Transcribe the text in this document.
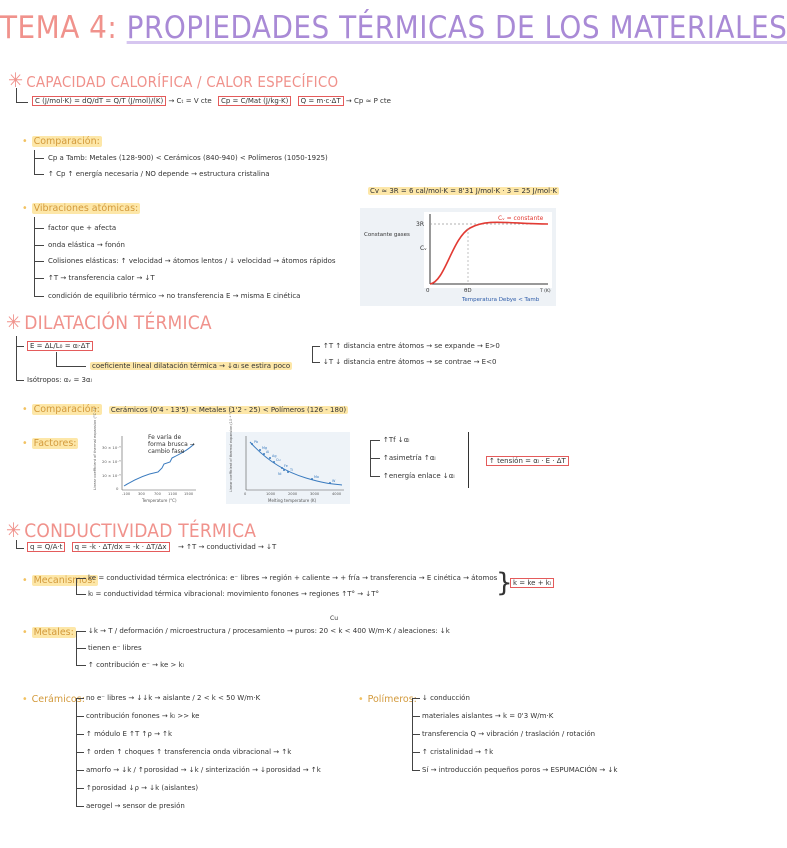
TEMA 4: PROPIEDADES TÉRMICAS DE LOS MATERIALES
✳ CAPACIDAD CALORÍFICA / CALOR ESPECÍFICO
C (J/mol·K) = dQ/dT = Q/T (J/mol)/(K) → Cₜ = V cte Cp = C/Mat (J/kg·K) Q = m·c·ΔT → Cp ≈ P cte
• Comparación:
Cp a Tamb: Metales (128-900) < Cerámicos (840-940) < Polímeros (1050-1925)
↑ Cp ↑ energía necesaria / NO depende → estructura cristalina
Cv ≈ 3R = 6 cal/mol·K = 8'31 J/mol·K · 3 = 25 J/mol·K
• Vibraciones atómicas:
factor que + afecta
onda elástica → fonón
Colisiones elásticas: ↑ velocidad → átomos lentos / ↓ velocidad → átomos rápidos
↑T → transferencia calor → ↓T
condición de equilibrio térmico → no transferencia E → misma E cinética
3R
Cᵥ = constante
Constante gases
Cᵥ
0	T (K)
θD
Temperatura Debye < Tamb
✳ DILATACIÓN TÉRMICA
E = ΔL/L₀ = αₗ·ΔT
coeficiente lineal dilatación térmica → ↓αₗ se estira poco
Isótropos: αᵥ = 3αₗ
↑T ↑ distancia entre átomos → se expande → E>0
↓T ↓ distancia entre átomos → se contrae → E<0
• Comparación: Cerámicos (0'4 - 13'5) < Metales (1'2 - 25) < Polímeros (126 - 180)
• Factores:	Linear coefficient of thermal expansion (°C⁻¹) 30 × 10⁻⁶
20 × 10⁻⁶
10 × 10⁻⁶
0
-100 300	700 1100 1500
Temperature (°C)
Fe varía de forma brusca → cambio fase	Linear coefficient of thermal expansion (10⁻⁶ °C⁻¹)	Pb
Mg
Al
Ag
Cu
Fe
Ti
Ni
Mo
W
0	1000	2000	3000	4000
Melting temperature (K)
↑Tf ↓αₗ
↑asimetría ↑αₗ
↑energía enlace ↓αₗ
↑ tensión = αₗ · E · ΔT
✳ CONDUCTIVIDAD TÉRMICA
q = Q/A·t q = -k · ΔT/dx = -k · ΔT/Δx	→ ↑T → conductividad → ↓T
• Mecanismos:
ke = conductividad térmica electrónica: e⁻ libres → región + caliente → + fría → transferencia → E cinética → átomos
kₗ = conductividad térmica vibracional: movimiento fonones → regiones ↑T° → ↓T°	} k = ke + kₗ
• Metales: ↓k → T / deformación / microestructura / procesamiento → puros: 20 < k < 400 W/m·K / aleaciones: ↓k
Cu
tienen e⁻ libres
↑ contribución e⁻ → ke > kₗ
• Cerámicos: no e⁻ libres → ↓↓k → aislante / 2 < k < 50 W/m·K
contribución fonones → kₗ >> ke
↑ módulo E ↑T ↑ρ → ↑k
↑ orden ↑ choques ↑ transferencia onda vibracional → ↑k
amorfo → ↓k / ↑porosidad → ↓k / sinterización → ↓porosidad → ↑k
↑porosidad ↓ρ → ↓k (aislantes)
aerogel → sensor de presión
• Polímeros: ↓ conducción
materiales aislantes → k = 0'3 W/m·K
transferencia Q → vibración / traslación / rotación
↑ cristalinidad → ↑k
Sí → introducción pequeños poros → ESPUMACIÓN → ↓k
